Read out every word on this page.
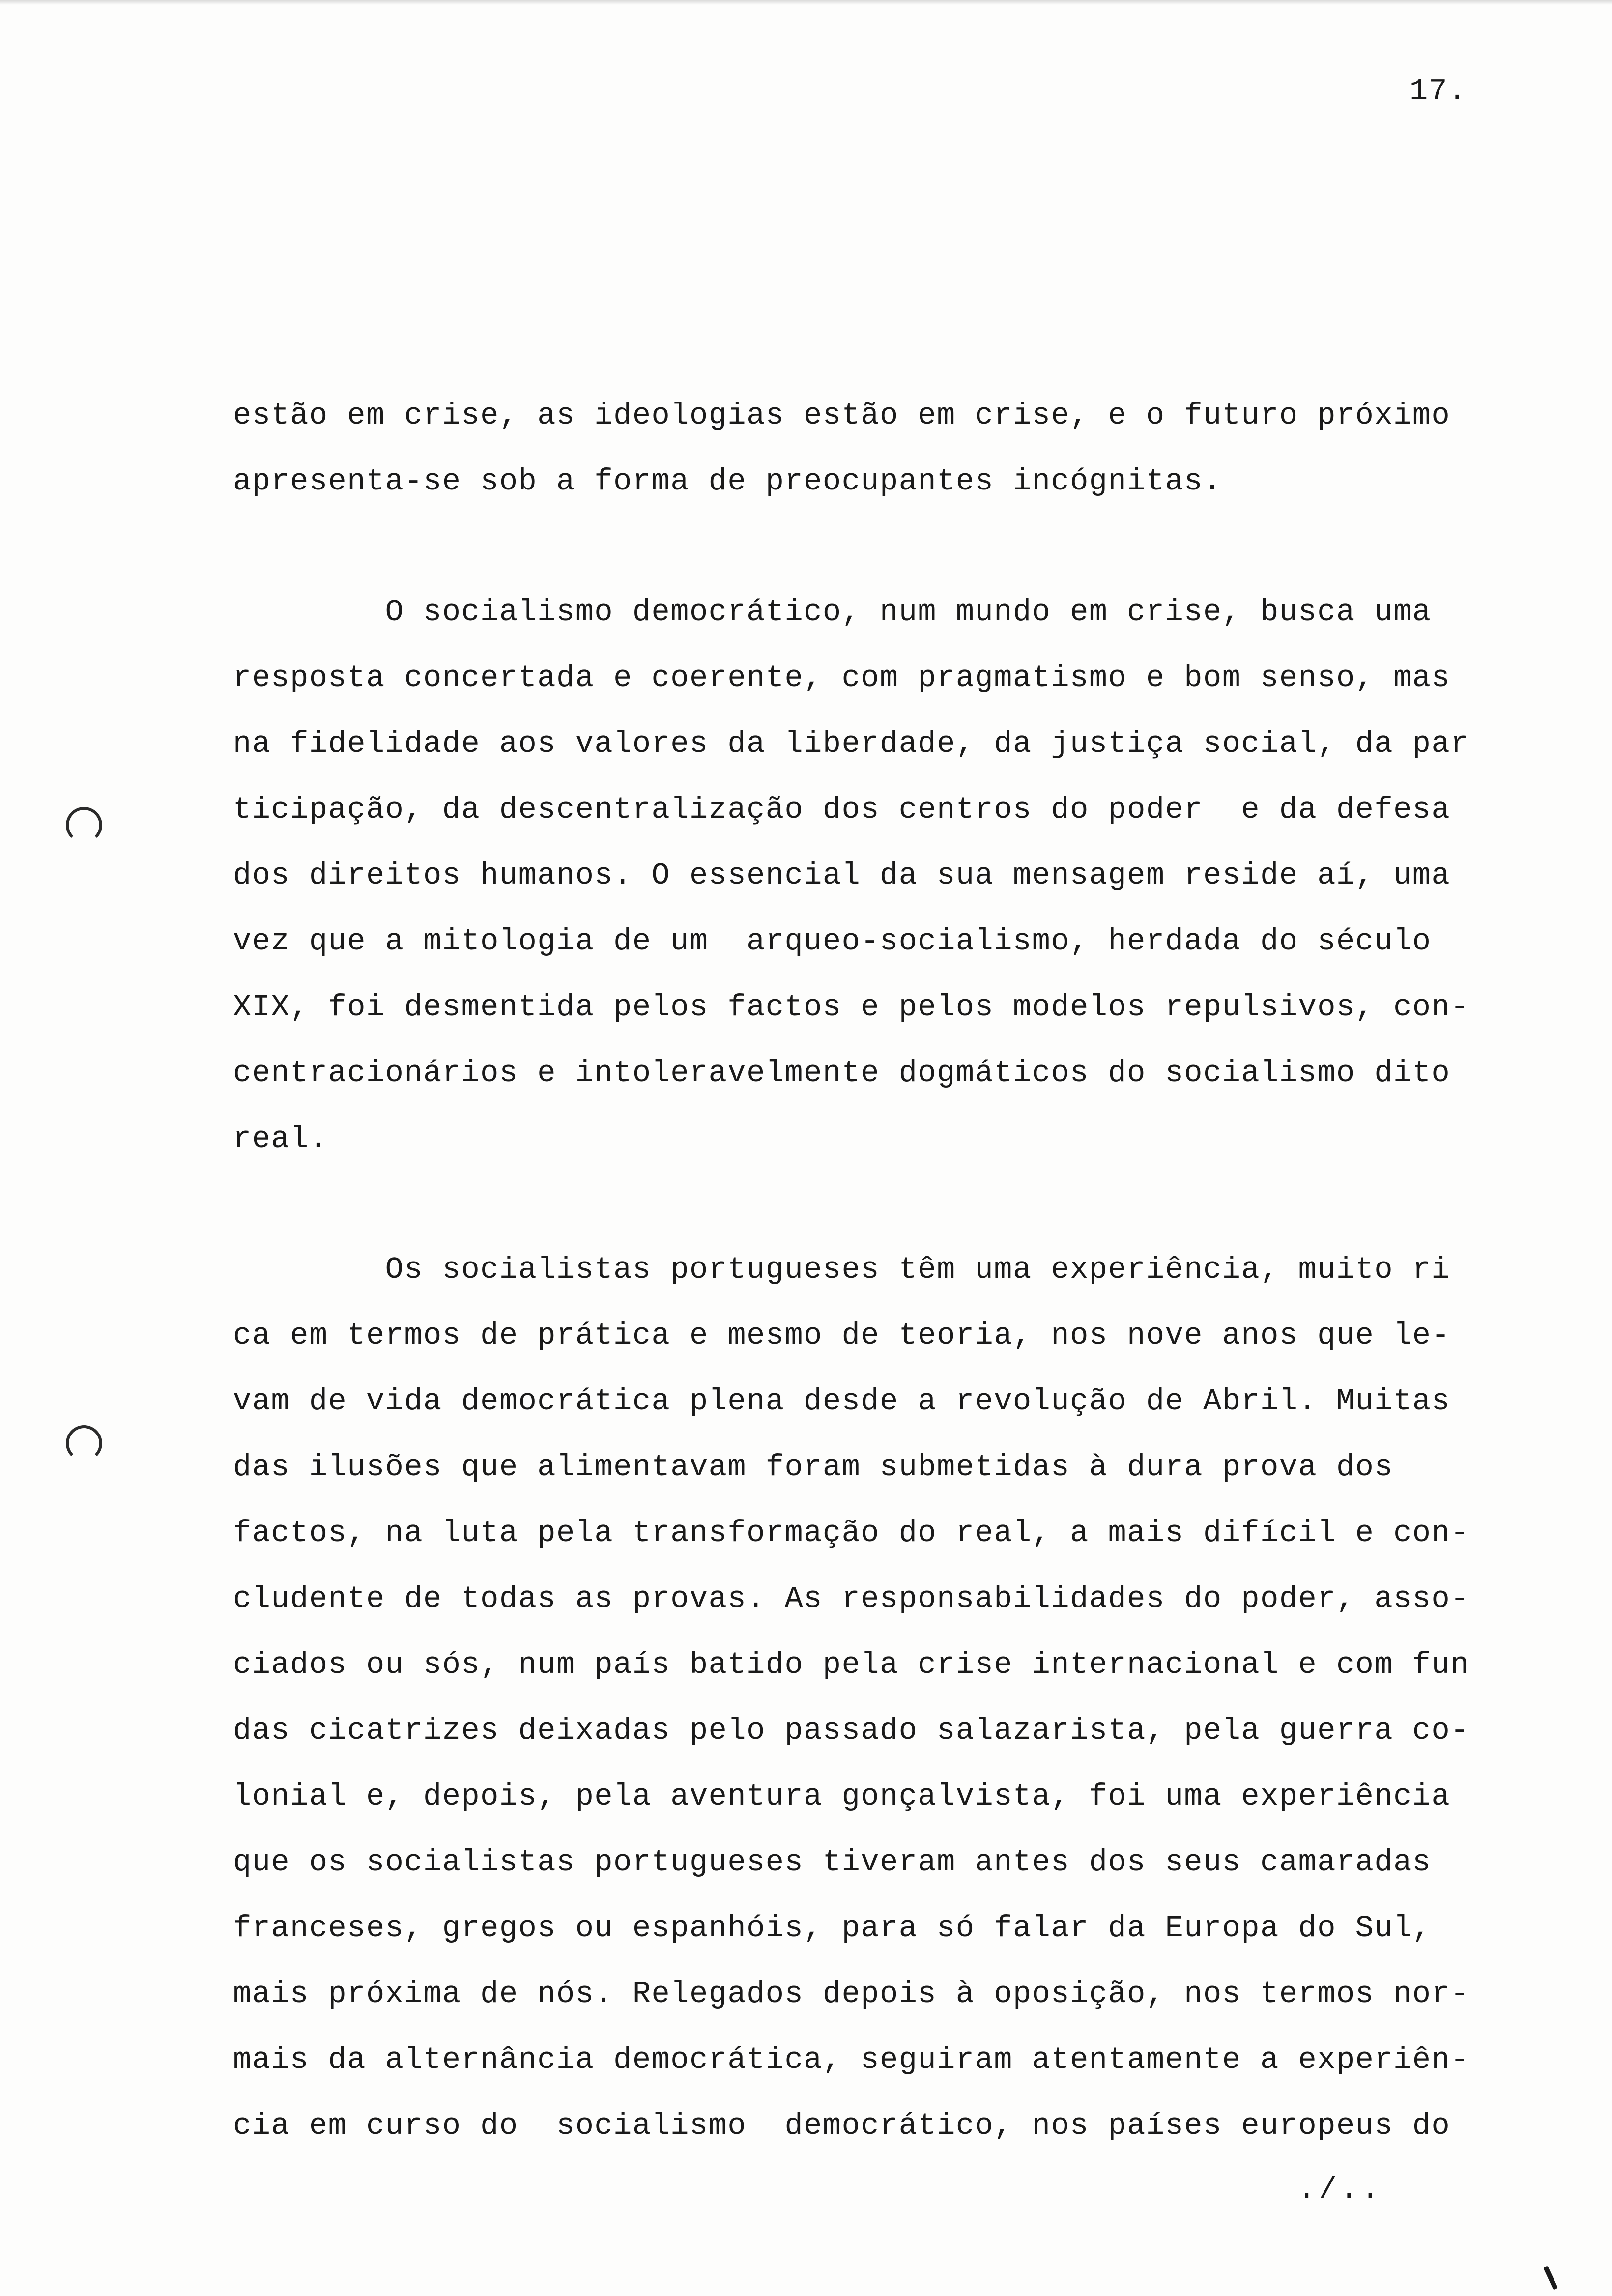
17.
estão em crise, as ideologias estão em crise, e o futuro próximo
apresenta-se sob a forma de preocupantes incógnitas.
O socialismo democrático, num mundo em crise, busca uma
resposta concertada e coerente, com pragmatismo e bom senso, mas
na fidelidade aos valores da liberdade, da justiça social, da par
ticipação, da descentralização dos centros do poder  e da defesa
dos direitos humanos. O essencial da sua mensagem reside aí, uma
vez que a mitologia de um  arqueo-socialismo, herdada do século
XIX, foi desmentida pelos factos e pelos modelos repulsivos, con-
centracionários e intoleravelmente dogmáticos do socialismo dito
real.
Os socialistas portugueses têm uma experiência, muito ri
ca em termos de prática e mesmo de teoria, nos nove anos que le-
vam de vida democrática plena desde a revolução de Abril. Muitas
das ilusões que alimentavam foram submetidas à dura prova dos
factos, na luta pela transformação do real, a mais difícil e con-
cludente de todas as provas. As responsabilidades do poder, asso-
ciados ou sós, num país batido pela crise internacional e com fun
das cicatrizes deixadas pelo passado salazarista, pela guerra co-
lonial e, depois, pela aventura gonçalvista, foi uma experiência
que os socialistas portugueses tiveram antes dos seus camaradas
franceses, gregos ou espanhóis, para só falar da Europa do Sul,
mais próxima de nós. Relegados depois à oposição, nos termos nor-
mais da alternância democrática, seguiram atentamente a experiên-
cia em curso do  socialismo  democrático, nos países europeus do
./..
